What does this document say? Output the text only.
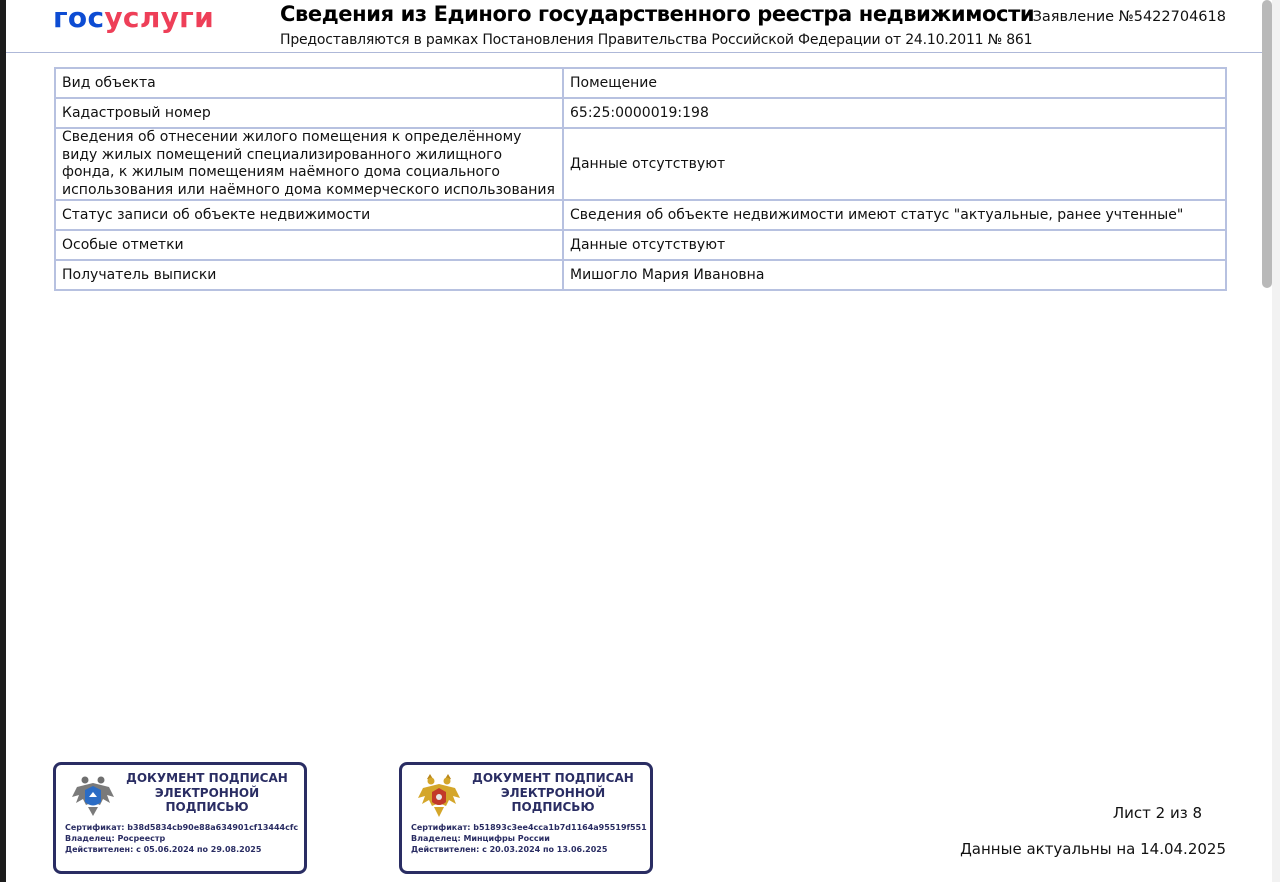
госуслуги	Сведения из Единого государственного реестра недвижимости
Предоставляются в рамках Постановления Правительства Российской Федерации от 24.10.2011 № 861
Заявление №5422704618
Вид объекта	Помещение
Кадастровый номер	65:25:0000019:198
Сведения об отнесении жилого помещения к определённому виду жилых помещений специализированного жилищного фонда, к жилым помещениям наёмного дома социального использования или наёмного дома коммерческого использования	Данные отсутствуют
Статус записи об объекте недвижимости	Сведения об объекте недвижимости имеют статус "актуальные, ранее учтенные"
Особые отметки	Данные отсутствуют
Получатель выписки	Мишогло Мария Ивановна
ДОКУМЕНТ ПОДПИСАН ЭЛЕКТРОННОЙ ПОДПИСЬЮ
Сертификат: b38d5834cb90e88a634901cf13444cfc
Владелец: Росреестр
Действителен: с 05.06.2024 по 29.08.2025
ДОКУМЕНТ ПОДПИСАН ЭЛЕКТРОННОЙ ПОДПИСЬЮ
Сертификат: b51893c3ee4cca1b7d1164a95519f551
Владелец: Минцифры России
Действителен: с 20.03.2024 по 13.06.2025
Лист 2 из 8
Данные актуальны на 14.04.2025
